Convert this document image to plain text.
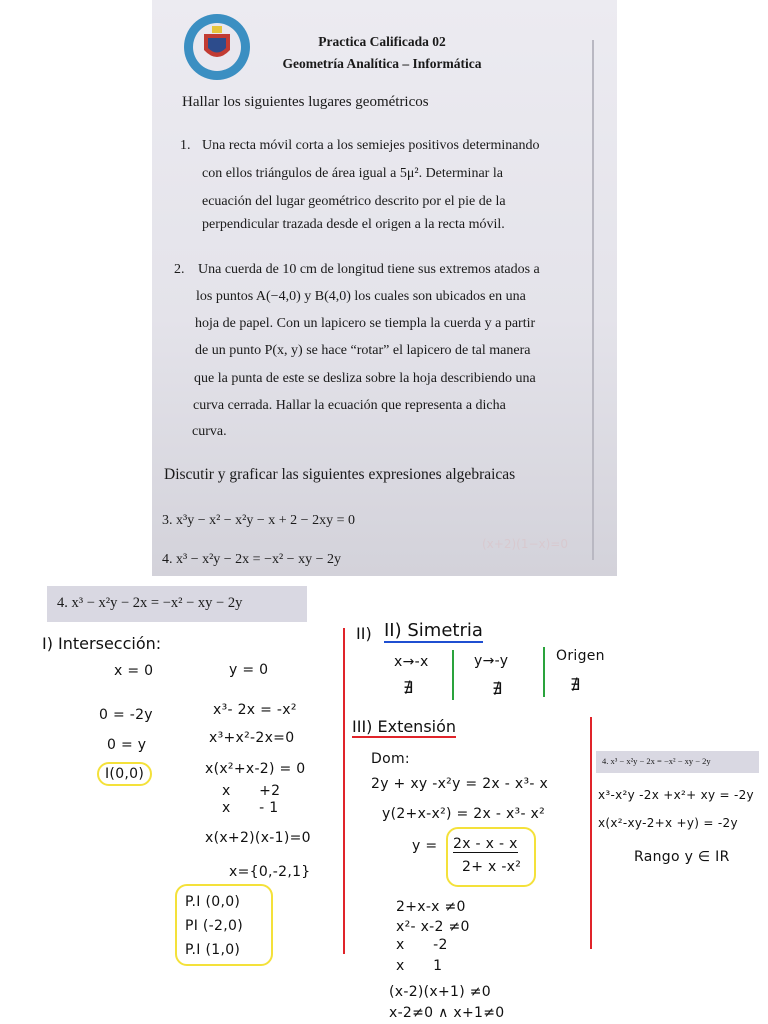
Practica Calificada 02
Geometría Analítica – Informática
Hallar los siguientes lugares geométricos
1. Una recta móvil corta a los semiejes positivos determinando
con ellos triángulos de área igual a 5μ². Determinar la
ecuación del lugar geométrico descrito por el pie de la
perpendicular trazada desde el origen a la recta móvil.
2. Una cuerda de 10 cm de longitud tiene sus extremos atados a
los puntos A(−4,0) y B(4,0) los cuales son ubicados en una
hoja de papel. Con un lapicero se tiempla la cuerda y a partir
de un punto P(x, y) se hace “rotar” el lapicero de tal manera
que la punta de este se desliza sobre la hoja describiendo una
curva cerrada. Hallar la ecuación que representa a dicha
curva.
Discutir y graficar las siguientes expresiones algebraicas
3. x³y − x² − x²y − x + 2 − 2xy = 0
4. x³ − x²y − 2x = −x² − xy − 2y
(x+2)(1−x)=0
4. x³ − x²y − 2x = −x² − xy − 2y
I) Intersección:
x = 0	y = 0
0 = -2y
0 = y
I(0,0)
x³- 2x = -x²
x³+x²-2x=0
x(x²+x-2) = 0
x      +2
x      - 1
x(x+2)(x-1)=0
x={0,-2,1}
P.I (0,0)
PI (-2,0)
P.I (1,0)
II) II) Simetria
x→-x	y→-y	Origen
∄	∄	∄
III) Extensión
Dom:
2y + xy -x²y = 2x - x³- x
y(2+x-x²) = 2x - x³- x²
y = 2x - x - x
2+ x -x²
2+x-x ≠0
x²- x-2 ≠0
x      -2
x      1
(x-2)(x+1) ≠0
x-2≠0 ∧ x+1≠0
4. x³ − x²y − 2x = −x² − xy − 2y
x³-x²y -2x +x²+ xy = -2y
x(x²-xy-2+x +y) = -2y
Rango y ∈ IR
